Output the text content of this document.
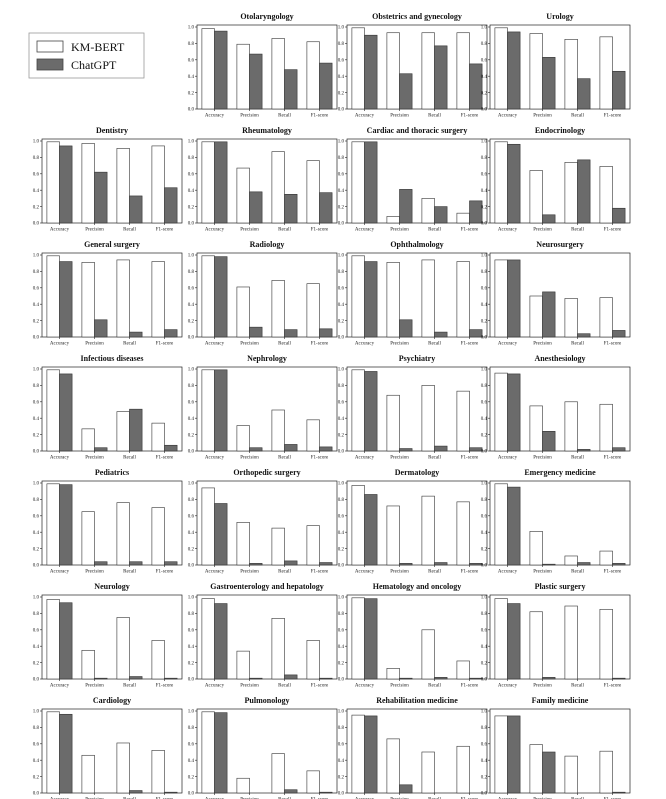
KM-BERT
ChatGPT
Otolaryngology
0.0
0.2
0.4
0.6
0.8
1.0
Accuracy	Precision	Recall	F1-score
Obstetrics and gynecology
0.0
0.2
0.4
0.6
0.8
1.0
Accuracy	Precision	Recall	F1-score
Urology
0.0
0.2
0.4
0.6
0.8
1.0
Accuracy	Precision	Recall	F1-score
Dentistry
0.0
0.2
0.4
0.6
0.8
1.0
Accuracy	Precision	Recall	F1-score
Rheumatology
0.0
0.2
0.4
0.6
0.8
1.0
Accuracy	Precision	Recall	F1-score
Cardiac and thoracic surgery
0.0
0.2
0.4
0.6
0.8
1.0
Accuracy	Precision	Recall	F1-score
Endocrinology
0.0
0.2
0.4
0.6
0.8
1.0
Accuracy	Precision	Recall	F1-score
General surgery
0.0
0.2
0.4
0.6
0.8
1.0
Accuracy	Precision	Recall	F1-score
Radiology
0.0
0.2
0.4
0.6
0.8
1.0
Accuracy	Precision	Recall	F1-score
Ophthalmology
0.0
0.2
0.4
0.6
0.8
1.0
Accuracy	Precision	Recall	F1-score
Neurosurgery
0.0
0.2
0.4
0.6
0.8
1.0
Accuracy	Precision	Recall	F1-score
Infectious diseases
0.0
0.2
0.4
0.6
0.8
1.0
Accuracy	Precision	Recall	F1-score
Nephrology
0.0
0.2
0.4
0.6
0.8
1.0
Accuracy	Precision	Recall	F1-score
Psychiatry
0.0
0.2
0.4
0.6
0.8
1.0
Accuracy	Precision	Recall	F1-score
Anesthesiology
0.0
0.2
0.4
0.6
0.8
1.0
Accuracy	Precision	Recall	F1-score
Pediatrics
0.0
0.2
0.4
0.6
0.8
1.0
Accuracy	Precision	Recall	F1-score
Orthopedic surgery
0.0
0.2
0.4
0.6
0.8
1.0
Accuracy	Precision	Recall	F1-score
Dermatology
0.0
0.2
0.4
0.6
0.8
1.0
Accuracy	Precision	Recall	F1-score
Emergency medicine
0.0
0.2
0.4
0.6
0.8
1.0
Accuracy	Precision	Recall	F1-score
Neurology
0.0
0.2
0.4
0.6
0.8
1.0
Accuracy	Precision	Recall	F1-score
Gastroenterology and hepatology
0.0
0.2
0.4
0.6
0.8
1.0
Accuracy	Precision	Recall	F1-score
Hematology and oncology
0.0
0.2
0.4
0.6
0.8
1.0
Accuracy	Precision	Recall	F1-score
Plastic surgery
0.0
0.2
0.4
0.6
0.8
1.0
Accuracy	Precision	Recall	F1-score
Cardiology
0.0
0.2
0.4
0.6
0.8
1.0
Pulmonology
0.0
0.2
0.4
0.6
0.8
1.0
Rehabilitation medicine
0.0
0.2
0.4
0.6
0.8
1.0
Family medicine
0.0
0.2
0.4
0.6
0.8
1.0
